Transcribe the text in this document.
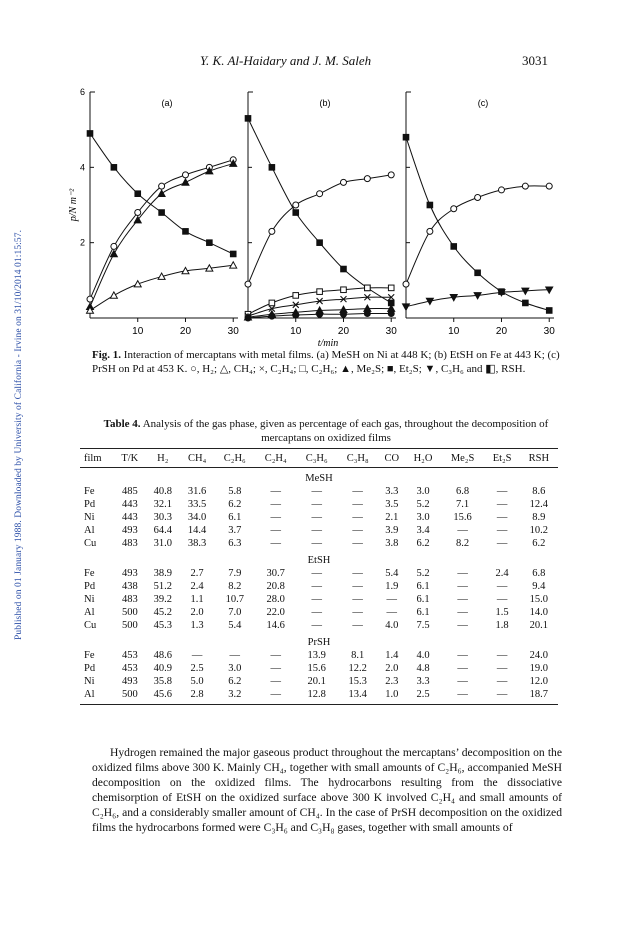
Published on 01 January 1988. Downloaded by University of California - Irvine on 31/10/2014 01:15:57.
Y. K. Al-Haidary and J. M. Saleh	3031
p/N m⁻²
(a)
10	20	30
2
4
6
(b)
10	20	30
(c)
10	20	30
t/min
Fig. 1. Interaction of mercaptans with metal films. (a) MeSH on Ni at 448 K; (b) EtSH on Fe at 443 K; (c) PrSH on Pd at 453 K. ○, H₂; △, CH₄; ×, C₂H₄; □, C₂H₆; ▲, Me₂S; ■, Et₂S; ▼, C₃H₆ and ◧, RSH.
Table 4. Analysis of the gas phase, given as percentage of each gas, throughout the decomposition of mercaptans on oxidized films
film	T/K	H₂	CH₄	C₂H₆	C₂H₄	C₃H₆	C₃H₈	CO	H₂O	Me₂S	Et₂S	RSH
MeSH												
Fe	485	40.8	31.6	5.8	—	—	—	3.3	3.0	6.8	—	8.6
Pd	443	32.1	33.5	6.2	—	—	—	3.5	5.2	7.1	—	12.4
Ni	443	30.3	34.0	6.1	—	—	—	2.1	3.0	15.6	—	8.9
Al	493	64.4	14.4	3.7	—	—	—	3.9	3.4	—	—	10.2
Cu	483	31.0	38.3	6.3	—	—	—	3.8	6.2	8.2	—	6.2
EtSH												
Fe	493	38.9	2.7	7.9	30.7	—	—	5.4	5.2	—	2.4	6.8
Pd	438	51.2	2.4	8.2	20.8	—	—	1.9	6.1	—	—	9.4
Ni	483	39.2	1.1	10.7	28.0	—	—	—	6.1	—	—	15.0
Al	500	45.2	2.0	7.0	22.0	—	—	—	6.1	—	1.5	14.0
Cu	500	45.3	1.3	5.4	14.6	—	—	4.0	7.5	—	1.8	20.1
PrSH												
Fe	453	48.6	—	—	—	13.9	8.1	1.4	4.0	—	—	24.0
Pd	453	40.9	2.5	3.0	—	15.6	12.2	2.0	4.8	—	—	19.0
Ni	493	35.8	5.0	6.2	—	20.1	15.3	2.3	3.3	—	—	12.0
Al	500	45.6	2.8	3.2	—	12.8	13.4	1.0	2.5	—	—	18.7

Hydrogen remained the major gaseous product throughout the mercaptans’ decomposition on the oxidized films above 300 K. Mainly CH₄, together with small amounts of C₂H₆, accompanied MeSH decomposition on the oxidized films. The hydrocarbons resulting from the dissociative chemisorption of EtSH on the oxidized surface above 300 K involved C₂H₄ and small amounts of C₂H₆, and a considerably smaller amount of CH₄. In the case of PrSH decomposition on the oxidized films the hydrocarbons formed were C₃H₆ and C₃H₈ gases, together with small amounts of
